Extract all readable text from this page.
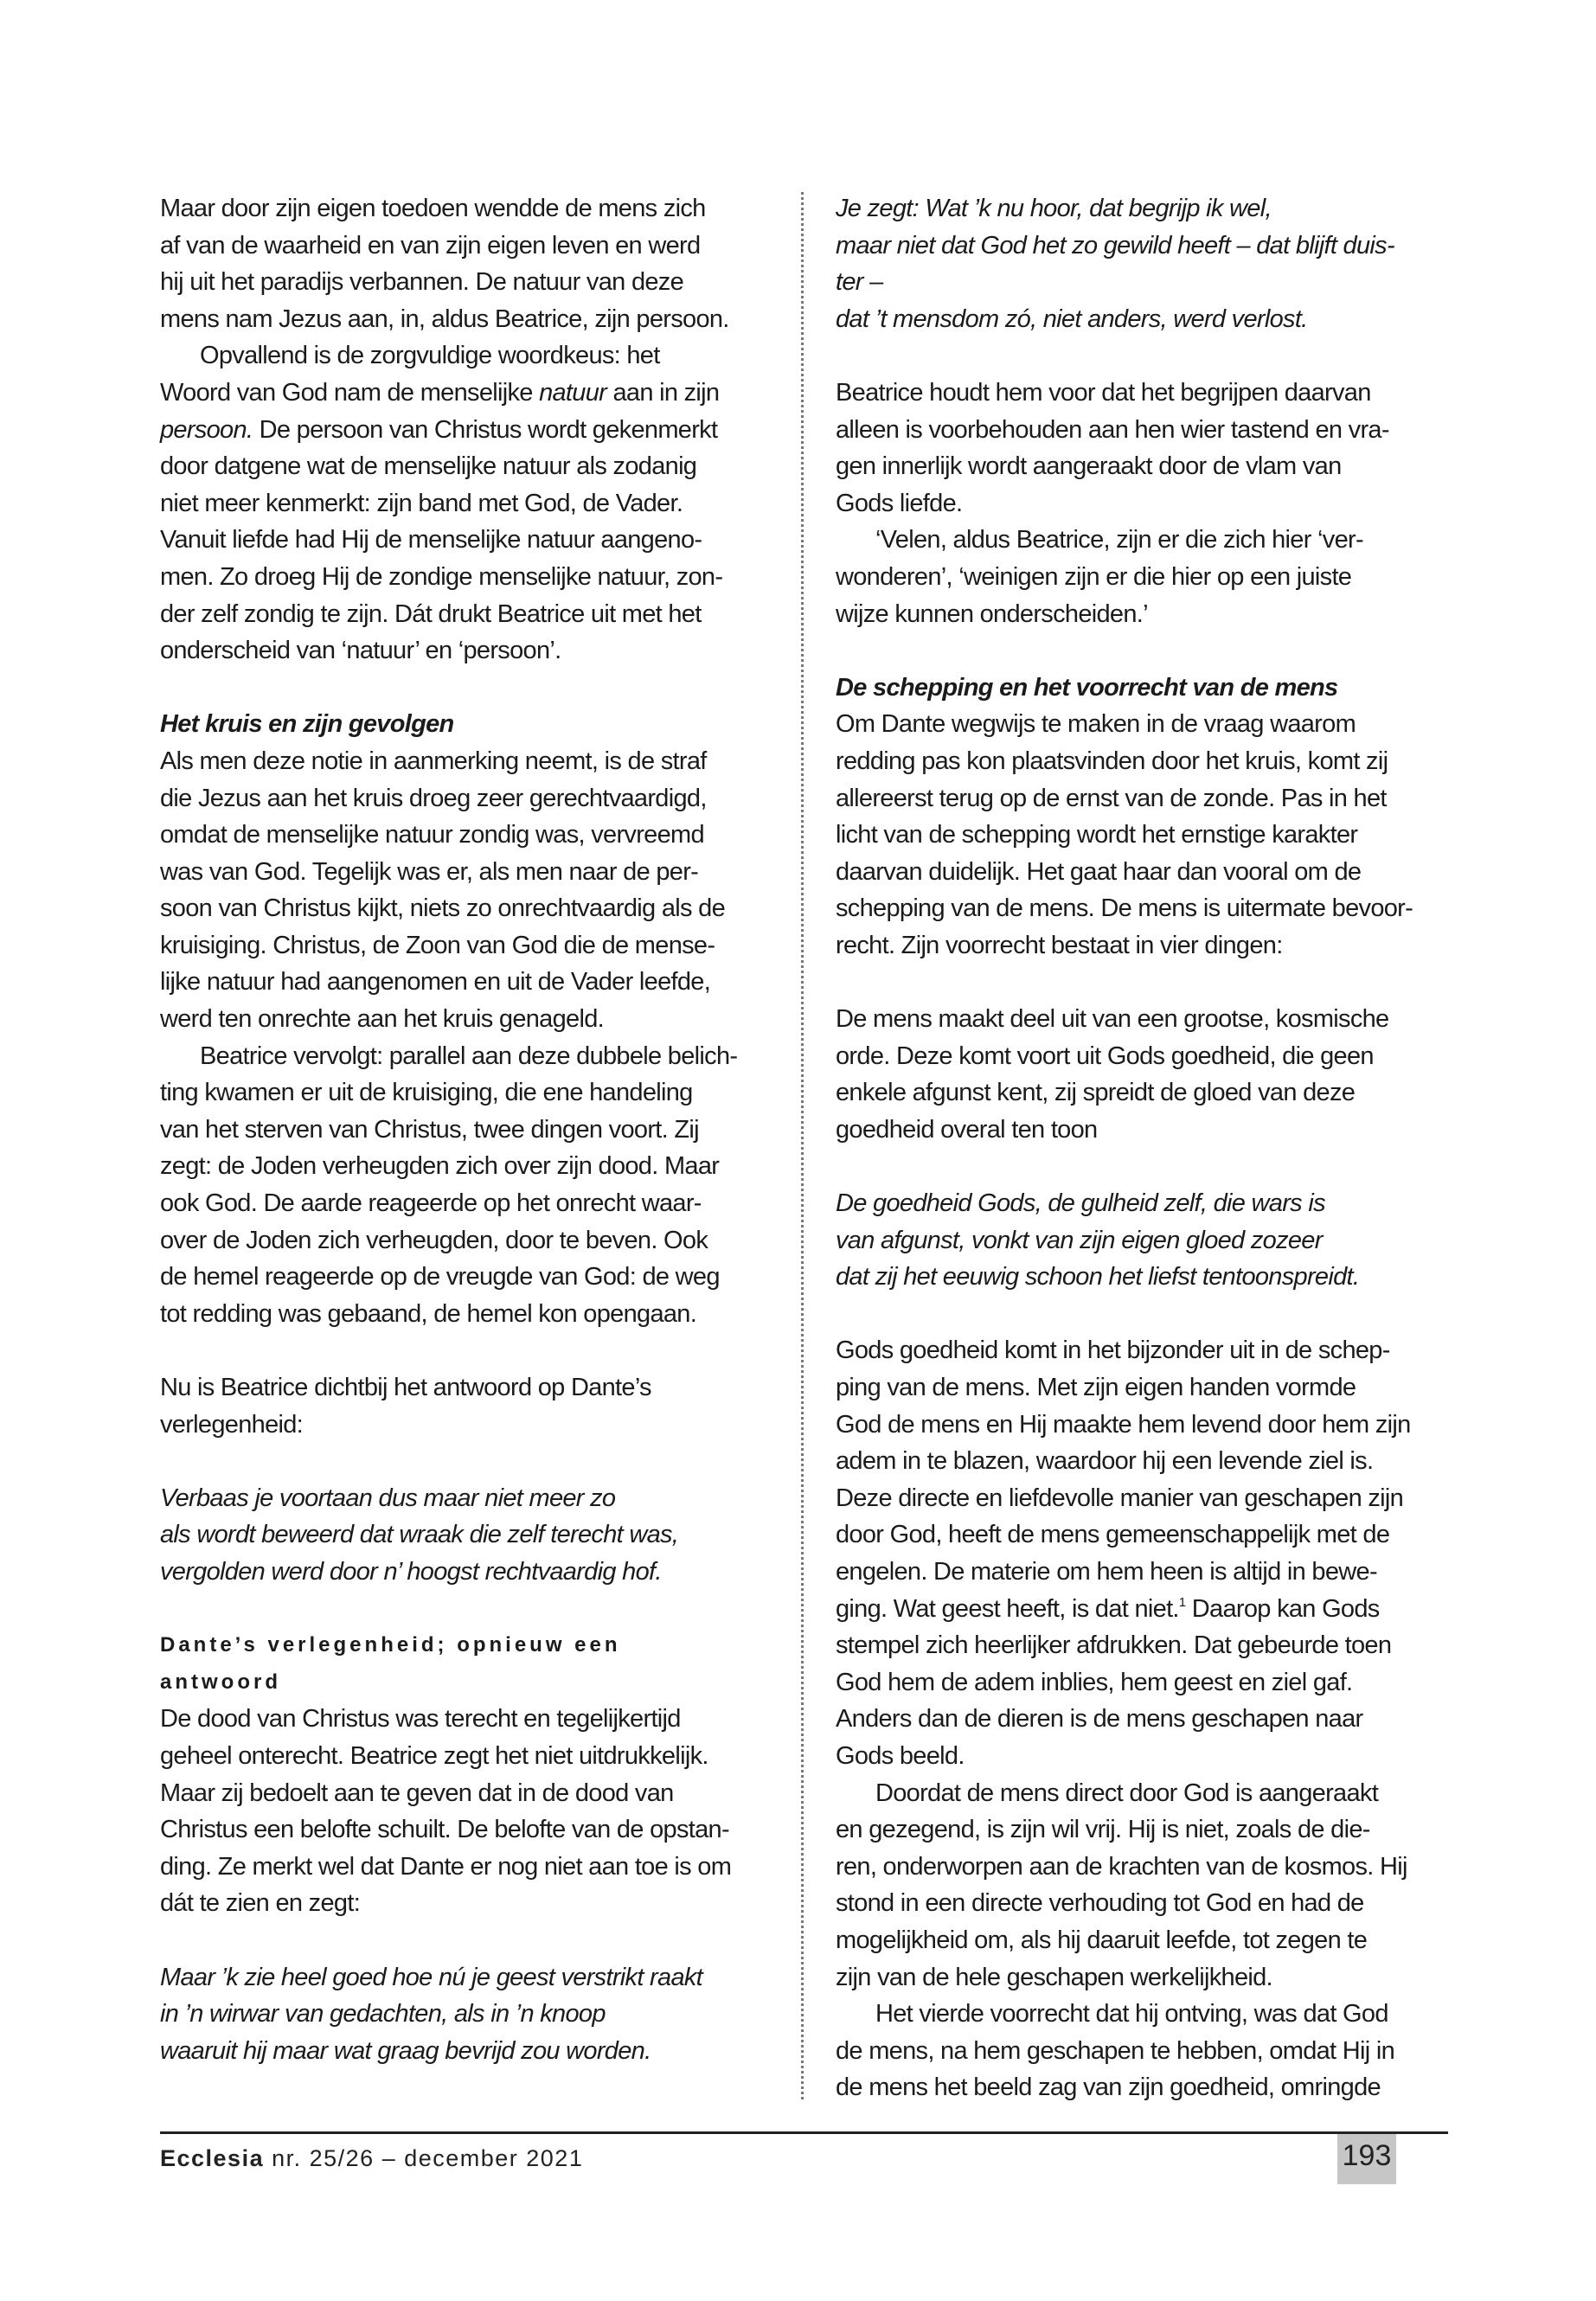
Maar door zijn eigen toedoen wendde de mens zich
af van de waarheid en van zijn eigen leven en werd
hij uit het paradijs verbannen. De natuur van deze
mens nam Jezus aan, in, aldus Beatrice, zijn persoon.
Opvallend is de zorgvuldige woordkeus: het
Woord van God nam de menselijke natuur aan in zijn
persoon. De persoon van Christus wordt gekenmerkt
door datgene wat de menselijke natuur als zodanig
niet meer kenmerkt: zijn band met God, de Vader.
Vanuit liefde had Hij de menselijke natuur aangeno-
men. Zo droeg Hij de zondige menselijke natuur, zon-
der zelf zondig te zijn. Dát drukt Beatrice uit met het
onderscheid van ‘natuur’ en ‘persoon’.
Het kruis en zijn gevolgen
Als men deze notie in aanmerking neemt, is de straf
die Jezus aan het kruis droeg zeer gerechtvaardigd,
omdat de menselijke natuur zondig was, vervreemd
was van God. Tegelijk was er, als men naar de per-
soon van Christus kijkt, niets zo onrechtvaardig als de
kruisiging. Christus, de Zoon van God die de mense-
lijke natuur had aangenomen en uit de Vader leefde,
werd ten onrechte aan het kruis genageld.
Beatrice vervolgt: parallel aan deze dubbele belich-
ting kwamen er uit de kruisiging, die ene handeling
van het sterven van Christus, twee dingen voort. Zij
zegt: de Joden verheugden zich over zijn dood. Maar
ook God. De aarde reageerde op het onrecht waar-
over de Joden zich verheugden, door te beven. Ook
de hemel reageerde op de vreugde van God: de weg
tot redding was gebaand, de hemel kon opengaan.
Nu is Beatrice dichtbij het antwoord op Dante’s
verlegenheid:
Verbaas je voortaan dus maar niet meer zo
als wordt beweerd dat wraak die zelf terecht was,
vergolden werd door n’ hoogst rechtvaardig hof.
Dante’s verlegenheid; opnieuw een
antwoord
De dood van Christus was terecht en tegelijkertijd
geheel onterecht. Beatrice zegt het niet uitdrukkelijk.
Maar zij bedoelt aan te geven dat in de dood van
Christus een belofte schuilt. De belofte van de opstan-
ding. Ze merkt wel dat Dante er nog niet aan toe is om
dát te zien en zegt:
Maar ’k zie heel goed hoe nú je geest verstrikt raakt
in ’n wirwar van gedachten, als in ’n knoop
waaruit hij maar wat graag bevrijd zou worden.
Je zegt: Wat ’k nu hoor, dat begrijp ik wel,
maar niet dat God het zo gewild heeft – dat blijft duis-
ter –
dat ’t mensdom zó, niet anders, werd verlost.
Beatrice houdt hem voor dat het begrijpen daarvan
alleen is voorbehouden aan hen wier tastend en vra-
gen innerlijk wordt aangeraakt door de vlam van
Gods liefde.
‘Velen, aldus Beatrice, zijn er die zich hier ‘ver-
wonderen’, ‘weinigen zijn er die hier op een juiste
wijze kunnen onderscheiden.’
De schepping en het voorrecht van de mens
Om Dante wegwijs te maken in de vraag waarom
redding pas kon plaatsvinden door het kruis, komt zij
allereerst terug op de ernst van de zonde. Pas in het
licht van de schepping wordt het ernstige karakter
daarvan duidelijk. Het gaat haar dan vooral om de
schepping van de mens. De mens is uitermate bevoor-
recht. Zijn voorrecht bestaat in vier dingen:
De mens maakt deel uit van een grootse, kosmische
orde. Deze komt voort uit Gods goedheid, die geen
enkele afgunst kent, zij spreidt de gloed van deze
goedheid overal ten toon
De goedheid Gods, de gulheid zelf, die wars is
van afgunst, vonkt van zijn eigen gloed zozeer
dat zij het eeuwig schoon het liefst tentoonspreidt.
Gods goedheid komt in het bijzonder uit in de schep-
ping van de mens. Met zijn eigen handen vormde
God de mens en Hij maakte hem levend door hem zijn
adem in te blazen, waardoor hij een levende ziel is.
Deze directe en liefdevolle manier van geschapen zijn
door God, heeft de mens gemeenschappelijk met de
engelen. De materie om hem heen is altijd in bewe-
ging. Wat geest heeft, is dat niet.$^1$ Daarop kan Gods
stempel zich heerlijker afdrukken. Dat gebeurde toen
God hem de adem inblies, hem geest en ziel gaf.
Anders dan de dieren is de mens geschapen naar
Gods beeld.
Doordat de mens direct door God is aangeraakt
en gezegend, is zijn wil vrij. Hij is niet, zoals de die-
ren, onderworpen aan de krachten van de kosmos. Hij
stond in een directe verhouding tot God en had de
mogelijkheid om, als hij daaruit leefde, tot zegen te
zijn van de hele geschapen werkelijkheid.
Het vierde voorrecht dat hij ontving, was dat God
de mens, na hem geschapen te hebben, omdat Hij in
de mens het beeld zag van zijn goedheid, omringde
Ecclesia nr. 25/26 – december 2021	193
